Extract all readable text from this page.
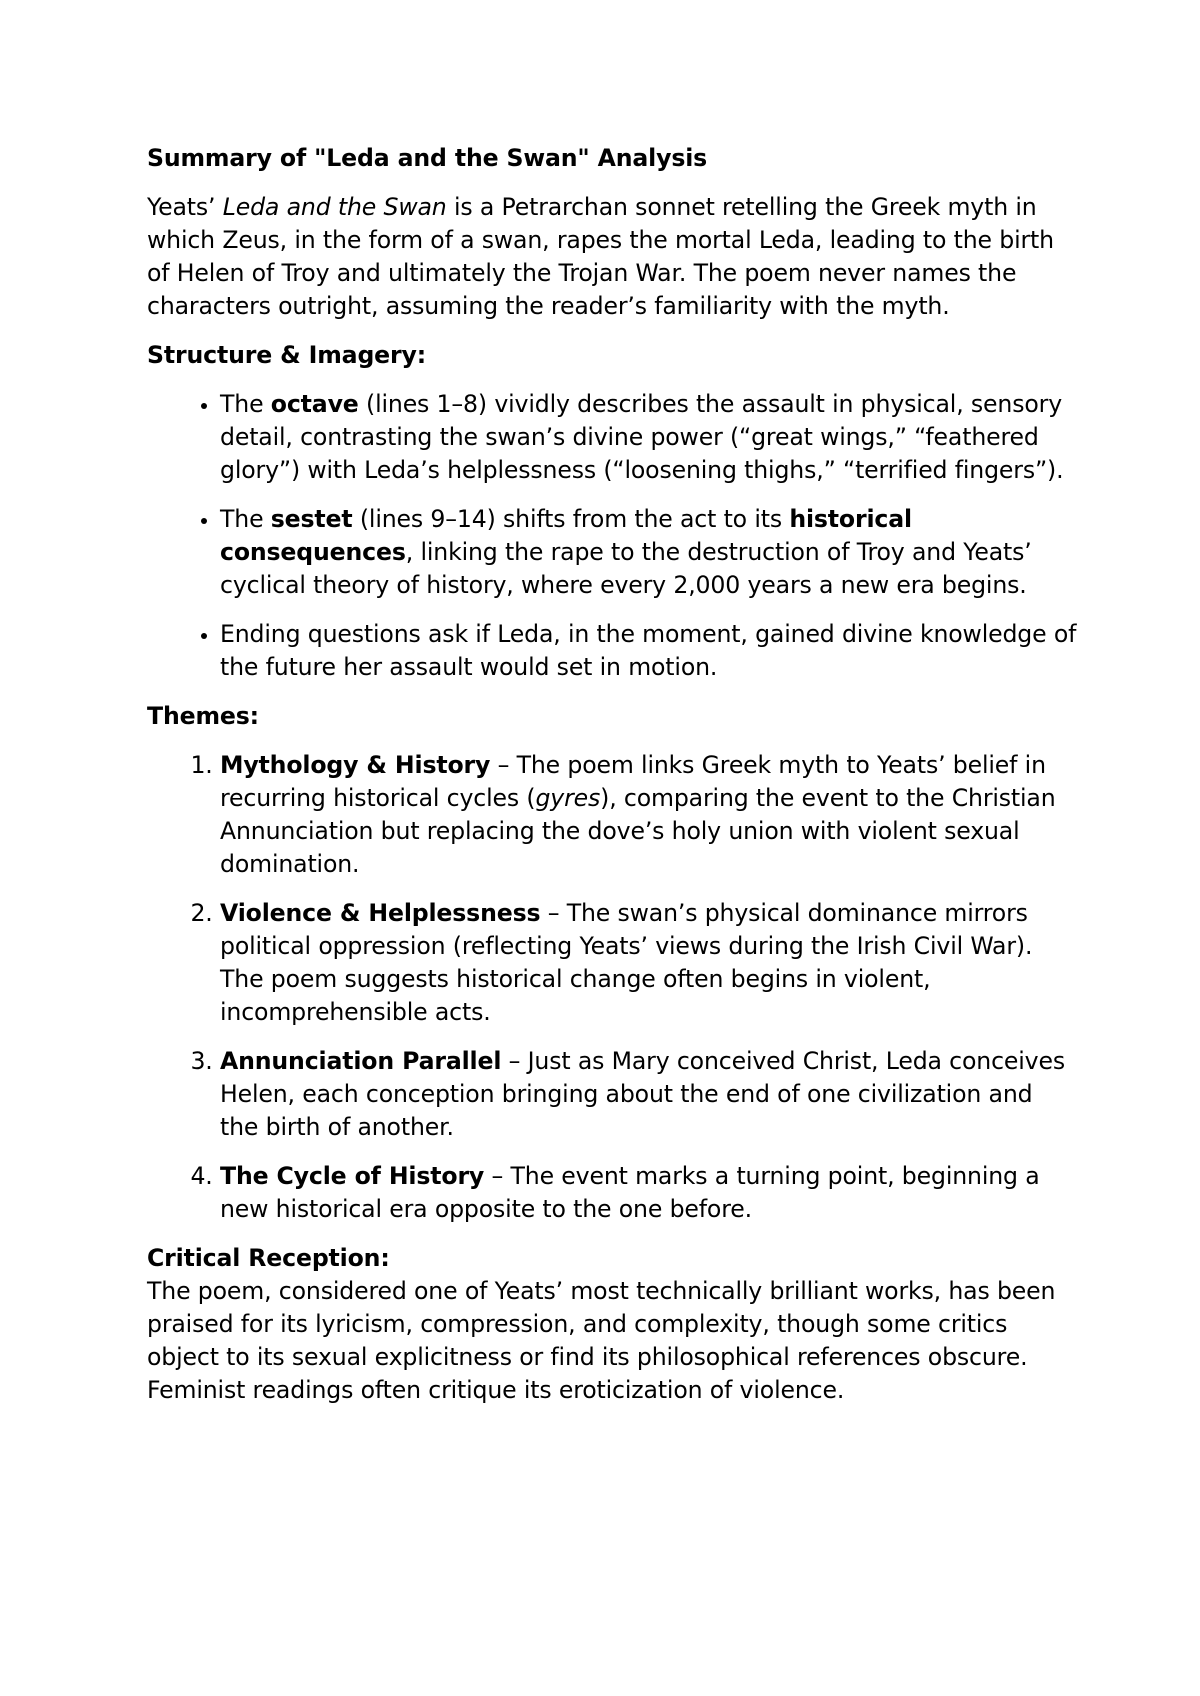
Summary of "Leda and the Swan" Analysis

Yeats’ Leda and the Swan is a Petrarchan sonnet retelling the Greek myth in which Zeus, in the form of a swan, rapes the mortal Leda, leading to the birth of Helen of Troy and ultimately the Trojan War. The poem never names the characters outright, assuming the reader’s familiarity with the myth.

Structure & Imagery:

• The octave (lines 1–8) vividly describes the assault in physical, sensory detail, contrasting the swan’s divine power (“great wings,” “feathered glory”) with Leda’s helplessness (“loosening thighs,” “terrified fingers”).
• The sestet (lines 9–14) shifts from the act to its historical consequences, linking the rape to the destruction of Troy and Yeats’ cyclical theory of history, where every 2,000 years a new era begins.
• Ending questions ask if Leda, in the moment, gained divine knowledge of the future her assault would set in motion.

Themes:

1. Mythology & History – The poem links Greek myth to Yeats’ belief in recurring historical cycles (gyres), comparing the event to the Christian Annunciation but replacing the dove’s holy union with violent sexual domination.
2. Violence & Helplessness – The swan’s physical dominance mirrors political oppression (reflecting Yeats’ views during the Irish Civil War). The poem suggests historical change often begins in violent, incomprehensible acts.
3. Annunciation Parallel – Just as Mary conceived Christ, Leda conceives Helen, each conception bringing about the end of one civilization and the birth of another.
4. The Cycle of History – The event marks a turning point, beginning a new historical era opposite to the one before.

Critical Reception:

The poem, considered one of Yeats’ most technically brilliant works, has been praised for its lyricism, compression, and complexity, though some critics object to its sexual explicitness or find its philosophical references obscure. Feminist readings often critique its eroticization of violence.
